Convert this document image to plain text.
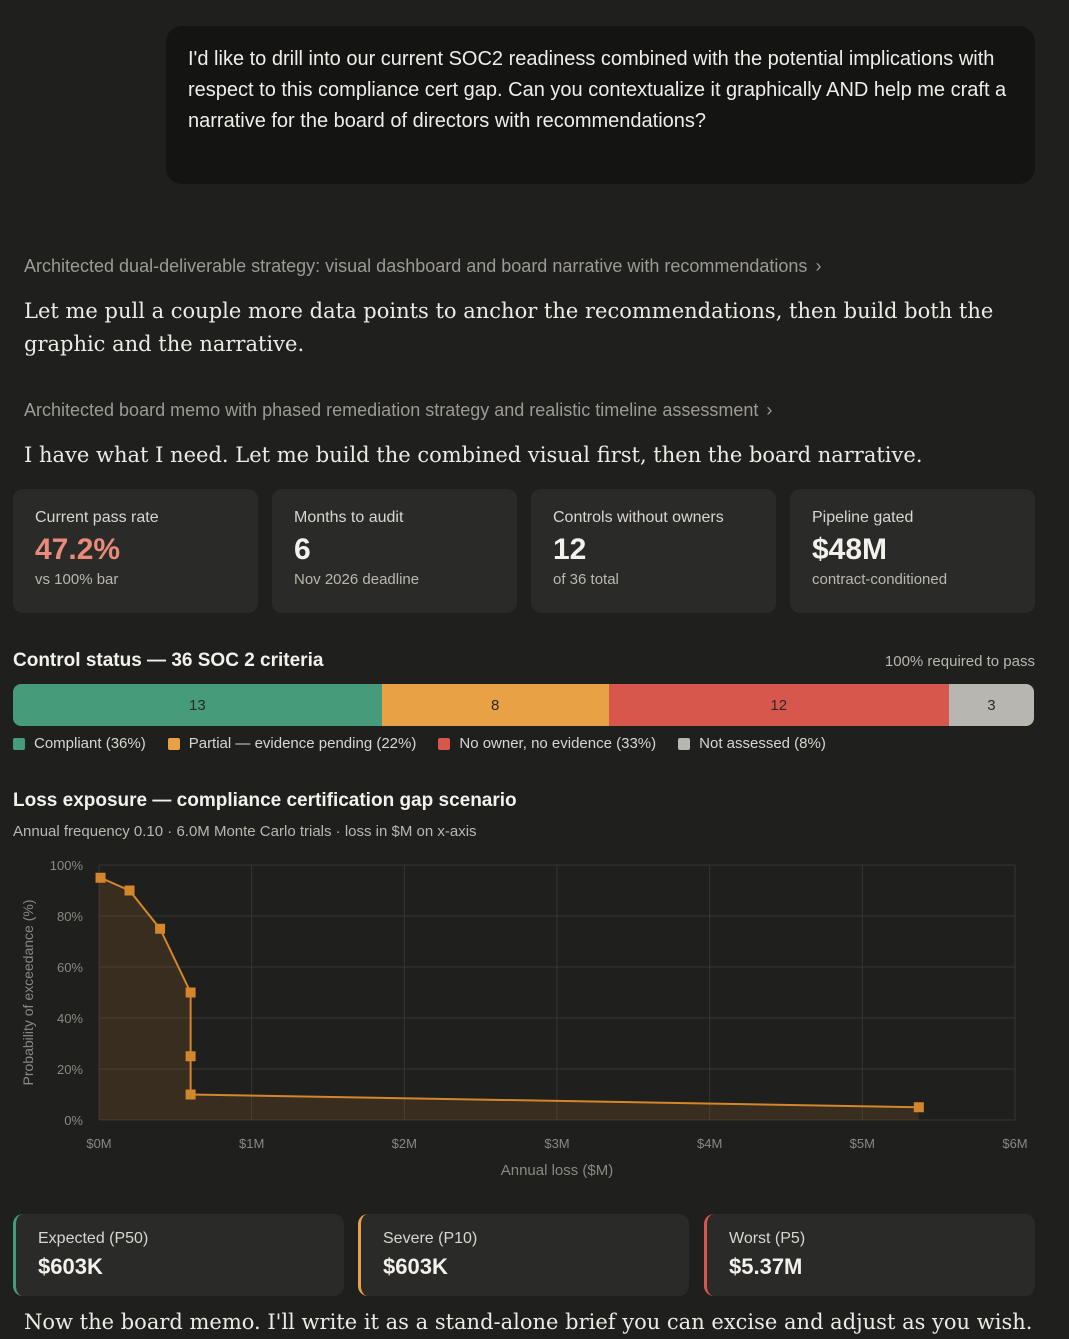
I'd like to drill into our current SOC2 readiness combined with the potential implications with respect to this compliance cert gap. Can you contextualize it graphically AND help me craft a narrative for the board of directors with recommendations?
Architected dual-deliverable strategy: visual dashboard and board narrative with recommendations ›
Let me pull a couple more data points to anchor the recommendations, then build both the graphic and the narrative.
Architected board memo with phased remediation strategy and realistic timeline assessment ›
I have what I need. Let me build the combined visual first, then the board narrative.
Current pass rate
47.2%
vs 100% bar
Months to audit
6
Nov 2026 deadline
Controls without owners
12
of 36 total
Pipeline gated
$48M
contract-conditioned
Control status — 36 SOC 2 criteria	100% required to pass
13	8	12	3
Compliant (36%)	Partial — evidence pending (22%)	No owner, no evidence (33%)	Not assessed (8%)
Loss exposure — compliance certification gap scenario
Annual frequency 0.10 · 6.0M Monte Carlo trials · loss in $M on x-axis
$0M	$1M	$2M	$3M	$4M	$5M	$6M
0%
20%
40%
60%
80%
100%
Annual loss ($M)
Probability of exceedance (%)
Expected (P50)
$603K
Severe (P10)
$603K
Worst (P5)
$5.37M
Now the board memo. I'll write it as a stand-alone brief you can excise and adjust as you wish.
